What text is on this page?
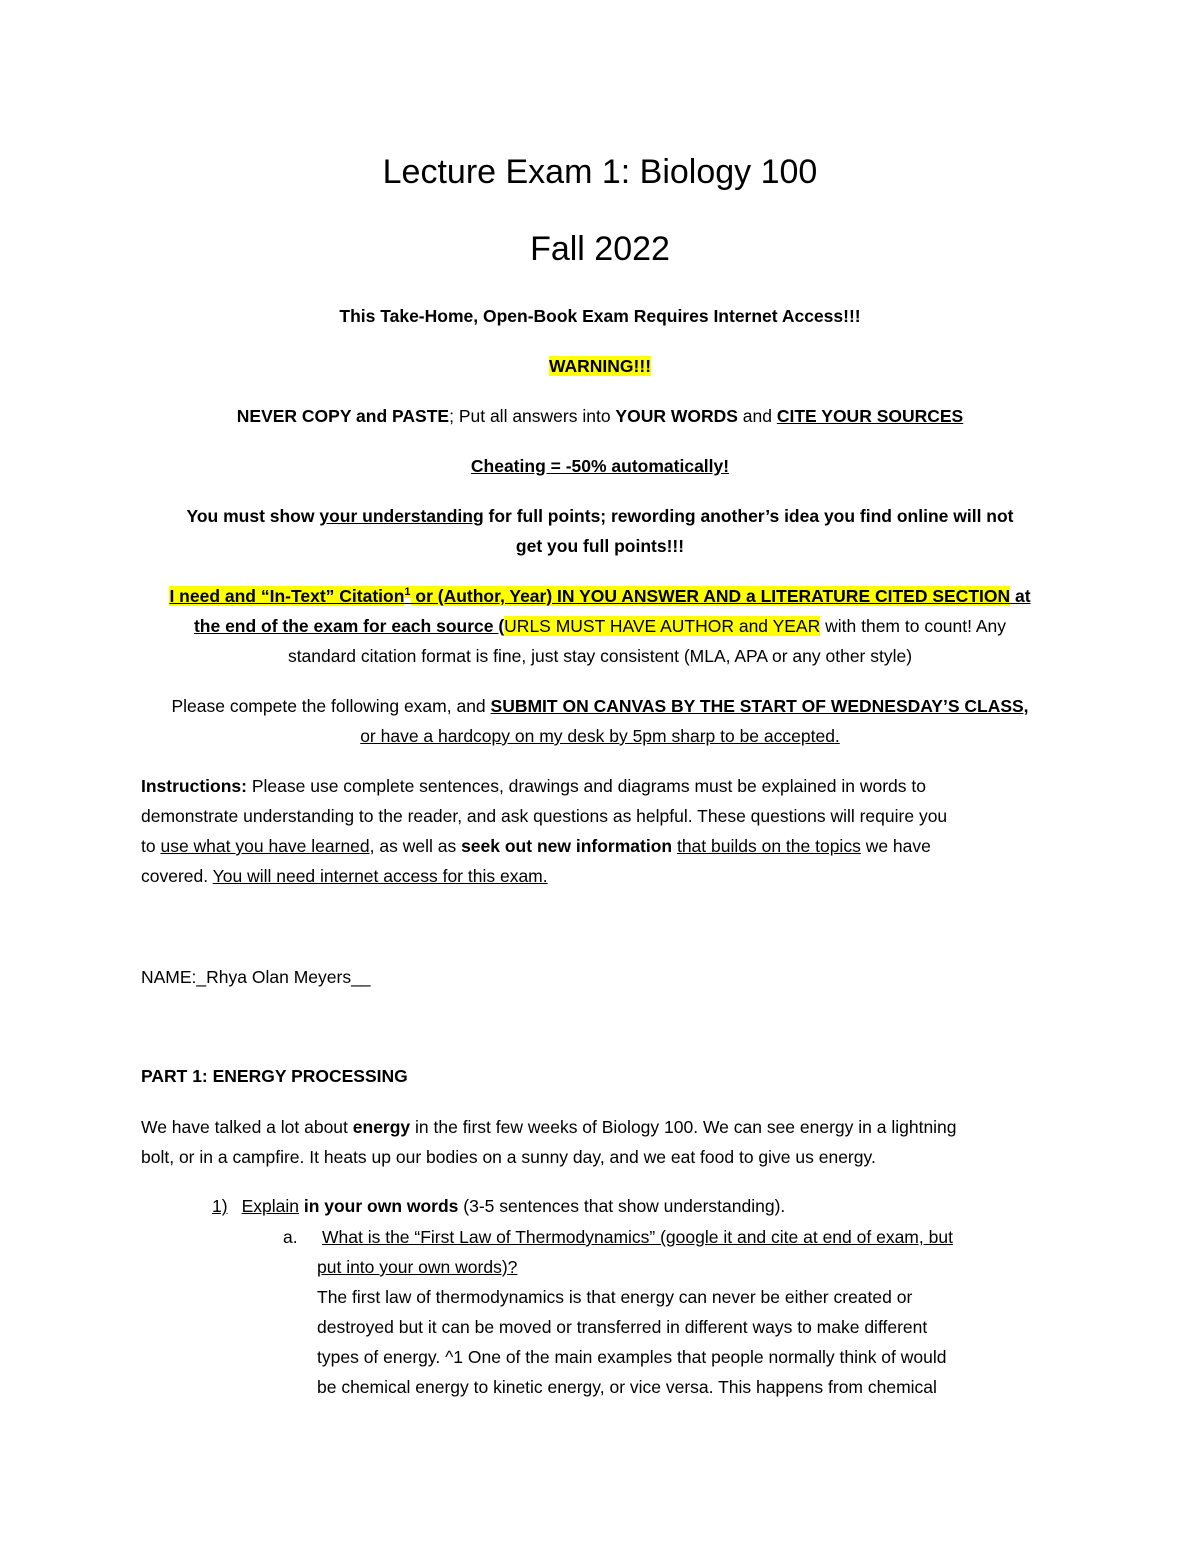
Lecture Exam 1: Biology 100
Fall 2022
This Take-Home, Open-Book Exam Requires Internet Access!!!
WARNING!!!
NEVER COPY and PASTE; Put all answers into YOUR WORDS and CITE YOUR SOURCES
Cheating = -50% automatically!
You must show your understanding for full points; rewording another’s idea you find online will not
get you full points!!!
I need and “In-Text” Citation$^1$ or (Author, Year) IN YOU ANSWER AND a LITERATURE CITED SECTION at
the end of the exam for each source (URLS MUST HAVE AUTHOR and YEAR with them to count! Any
standard citation format is fine, just stay consistent (MLA, APA or any other style)
Please compete the following exam, and SUBMIT ON CANVAS BY THE START OF WEDNESDAY’S CLASS,
or have a hardcopy on my desk by 5pm sharp to be accepted.
Instructions: Please use complete sentences, drawings and diagrams must be explained in words to
demonstrate understanding to the reader, and ask questions as helpful. These questions will require you
to use what you have learned, as well as seek out new information that builds on the topics we have
covered. You will need internet access for this exam.
NAME:_Rhya Olan Meyers__
PART 1: ENERGY PROCESSING
We have talked a lot about energy in the first few weeks of Biology 100. We can see energy in a lightning
bolt, or in a campfire. It heats up our bodies on a sunny day, and we eat food to give us energy.
1) Explain in your own words (3-5 sentences that show understanding).
a. What is the “First Law of Thermodynamics” (google it and cite at end of exam, but
put into your own words)?
The first law of thermodynamics is that energy can never be either created or
destroyed but it can be moved or transferred in different ways to make different
types of energy. ^1 One of the main examples that people normally think of would
be chemical energy to kinetic energy, or vice versa. This happens from chemical
